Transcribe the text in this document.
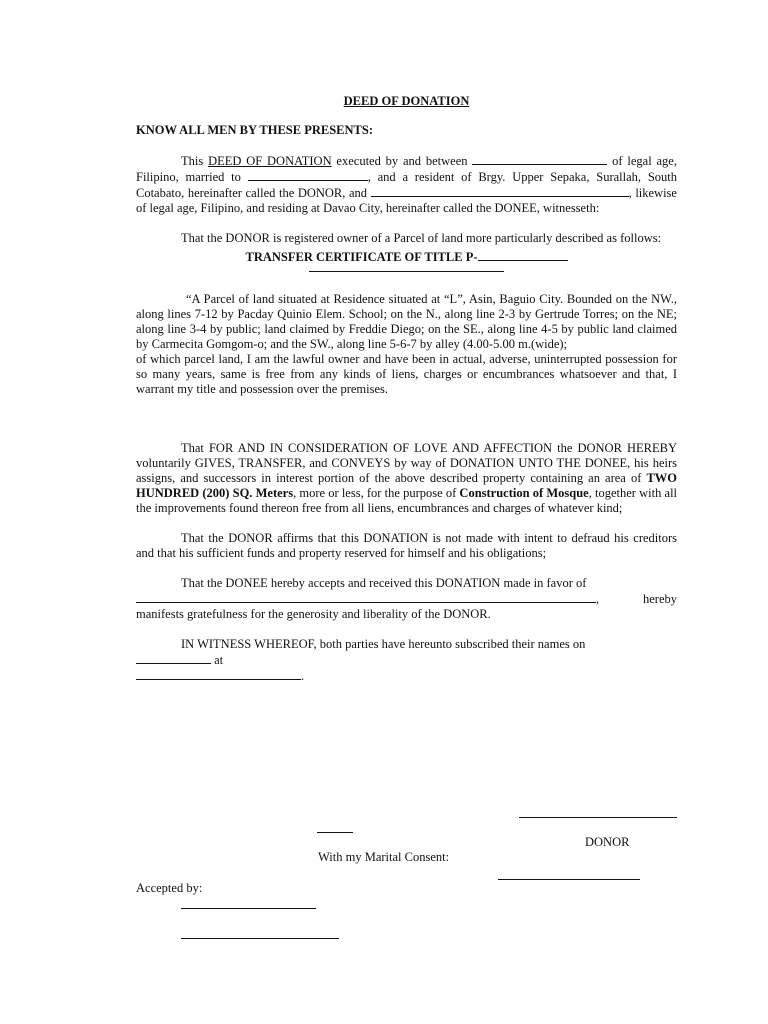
DEED OF DONATION
KNOW ALL MEN BY THESE PRESENTS:

This DEED OF DONATION executed by and between	of legal age, Filipino, married to	, and a resident of Brgy. Upper Sepaka, Surallah, South Cotabato, hereinafter called the DONOR, and	, likewise of legal age, Filipino, and residing at Davao City, hereinafter called the DONEE, witnesseth:

That the DONOR is registered owner of a Parcel of land more particularly described as follows:

TRANSFER CERTIFICATE OF TITLE P-

“A Parcel of land situated at Residence situated at “L”, Asin, Baguio City. Bounded on the NW., along lines 7-12 by Pacday Quinio Elem. School; on the N., along line 2-3 by Gertrude Torres; on the NE; along line 3-4 by public; land claimed by Freddie Diego; on the SE., along line 4-5 by public land claimed by Carmecita Gomgom-o; and the SW., along line 5-6-7 by alley (4.00-5.00 m.(wide);

of which parcel land, I am the lawful owner and have been in actual, adverse, uninterrupted possession for so many years, same is free from any kinds of liens, charges or encumbrances whatsoever and that, I warrant my title and possession over the premises.

That FOR AND IN CONSIDERATION OF LOVE AND AFFECTION the DONOR HEREBY voluntarily GIVES, TRANSFER, and CONVEYS by way of DONATION UNTO THE DONEE, his heirs assigns, and successors in interest portion of the above described property containing an area of TWO HUNDRED (200) SQ. Meters, more or less, for the purpose of Construction of Mosque, together with all the improvements found thereon free from all liens, encumbrances and charges of whatever kind;

That the DONOR affirms that this DONATION is not made with intent to defraud his creditors and that his sufficient funds and property reserved for himself and his obligations;

That the DONEE hereby accepts and received this DONATION made in favor of

,	hereby

manifests gratefulness for the generosity and liberality of the DONOR.

IN WITNESS WHEREOF, both parties have hereunto subscribed their names on

at
.
DONOR
With my Marital Consent:
Accepted by:
